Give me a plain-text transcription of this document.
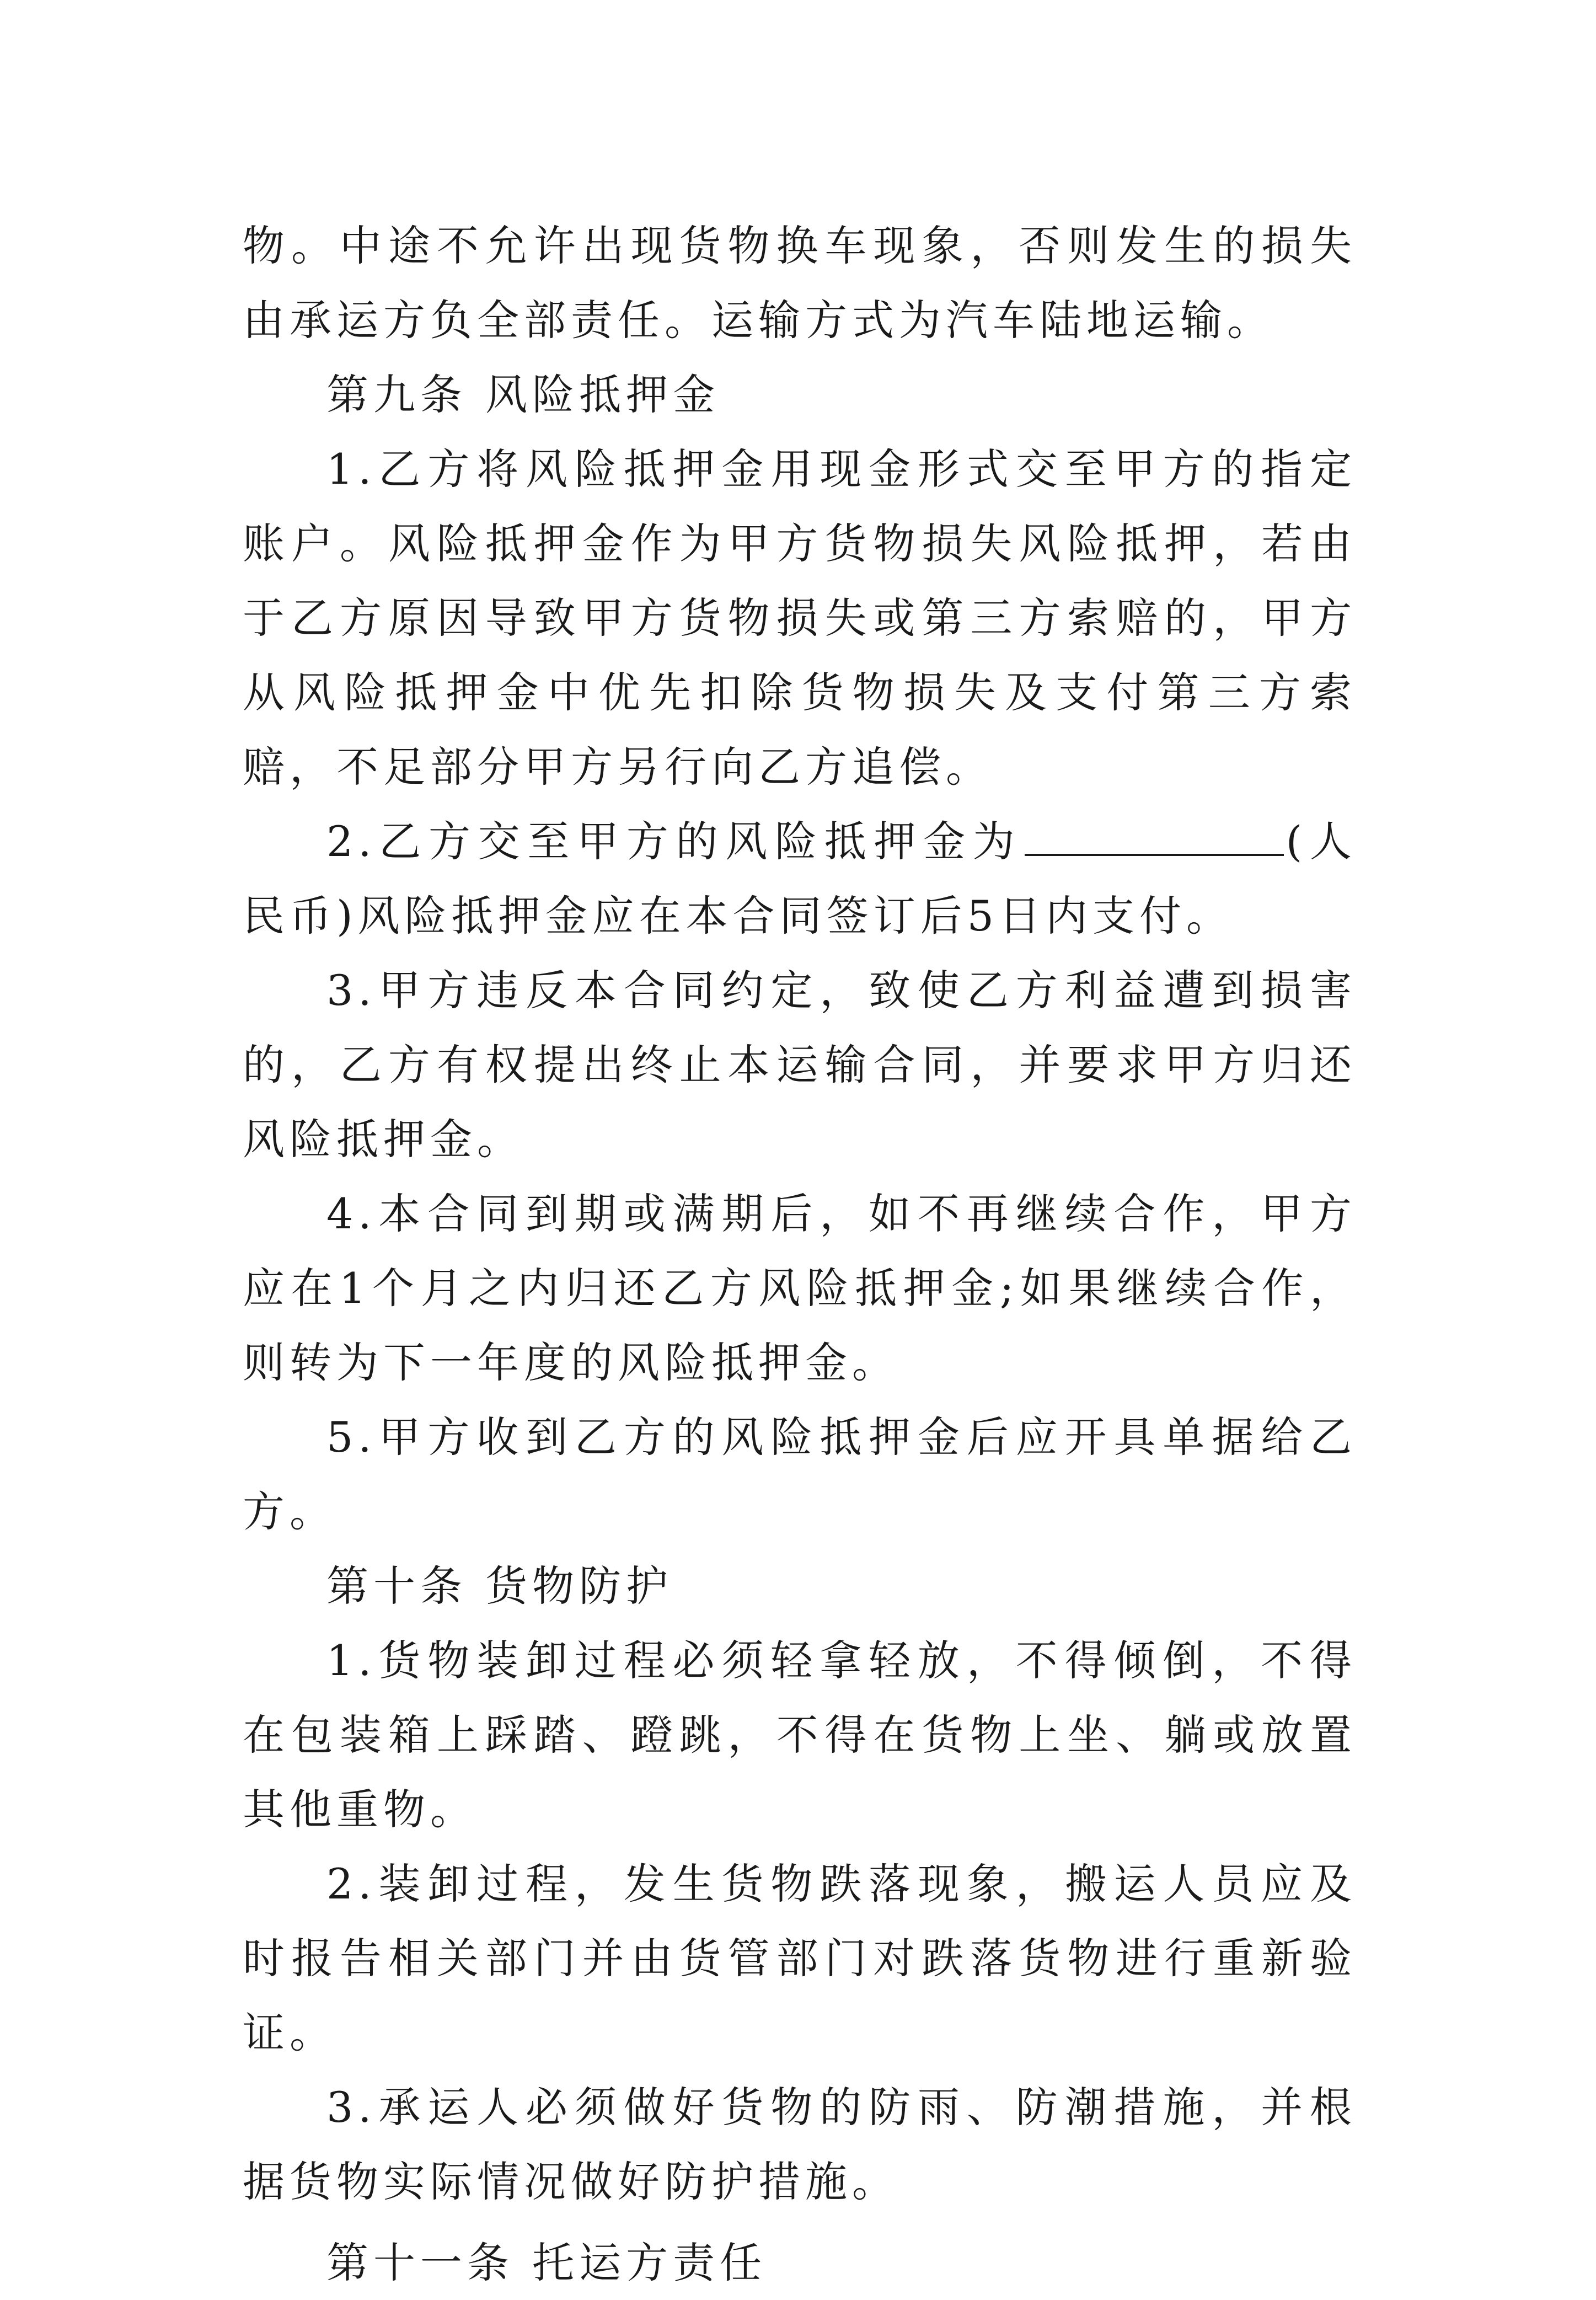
物。中途不允许出现货物换车现象，否则发生的损失由承运方负全部责任。运输方式为汽车陆地运输。

第九条 风险抵押金

1.乙方将风险抵押金用现金形式交至甲方的指定账户。风险抵押金作为甲方货物损失风险抵押，若由于乙方原因导致甲方货物损失或第三方索赔的，甲方从风险抵押金中优先扣除货物损失及支付第三方索赔，不足部分甲方另行向乙方追偿。

2.乙方交至甲方的风险抵押金为	(人民币)风险抵押金应在本合同签订后5日内支付。

3.甲方违反本合同约定，致使乙方利益遭到损害的，乙方有权提出终止本运输合同，并要求甲方归还风险抵押金。

4.本合同到期或满期后，如不再继续合作，甲方应在1个月之内归还乙方风险抵押金;如果继续合作，则转为下一年度的风险抵押金。

5.甲方收到乙方的风险抵押金后应开具单据给乙方。

第十条 货物防护

1.货物装卸过程必须轻拿轻放，不得倾倒，不得在包装箱上踩踏、蹬跳，不得在货物上坐、躺或放置其他重物。

2.装卸过程，发生货物跌落现象，搬运人员应及时报告相关部门并由货管部门对跌落货物进行重新验证。

3.承运人必须做好货物的防雨、防潮措施，并根据货物实际情况做好防护措施。

第十一条 托运方责任
